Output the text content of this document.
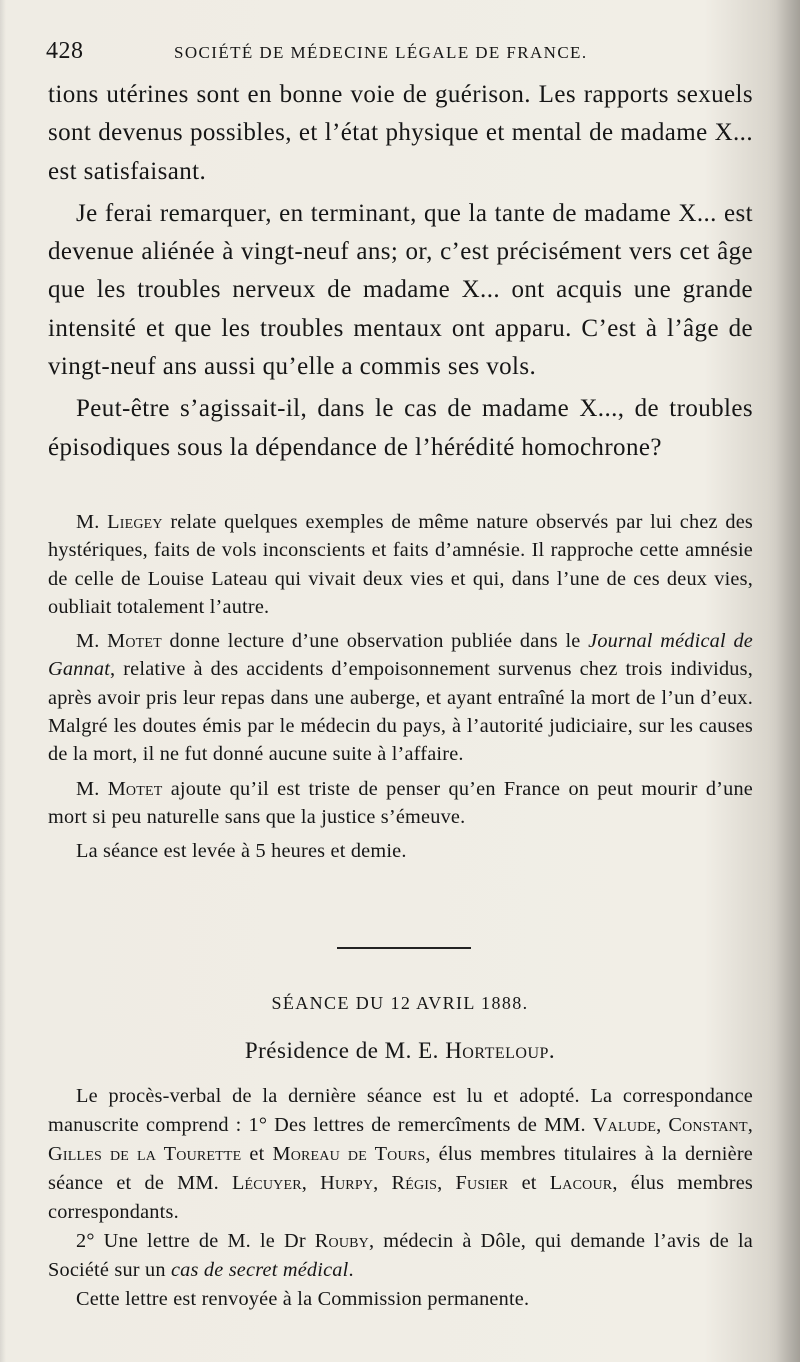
428	SOCIÉTÉ DE MÉDECINE LÉGALE DE FRANCE.

tions utérines sont en bonne voie de guérison. Les rapports sexuels sont devenus possibles, et l’état physique et mental de madame X... est satisfaisant.

Je ferai remarquer, en terminant, que la tante de madame X... est devenue aliénée à vingt-neuf ans; or, c’est précisément vers cet âge que les troubles nerveux de madame X... ont acquis une grande intensité et que les troubles mentaux ont apparu. C’est à l’âge de vingt-neuf ans aussi qu’elle a commis ses vols.

Peut-être s’agissait-il, dans le cas de madame X..., de troubles épisodiques sous la dépendance de l’hérédité homochrone?

M. Liegey relate quelques exemples de même nature observés par lui chez des hystériques, faits de vols inconscients et faits d’amnésie. Il rapproche cette amnésie de celle de Louise Lateau qui vivait deux vies et qui, dans l’une de ces deux vies, oubliait totalement l’autre.

M. Motet donne lecture d’une observation publiée dans le Journal médical de Gannat, relative à des accidents d’empoisonnement survenus chez trois individus, après avoir pris leur repas dans une auberge, et ayant entraîné la mort de l’un d’eux. Malgré les doutes émis par le médecin du pays, à l’autorité judiciaire, sur les causes de la mort, il ne fut donné aucune suite à l’affaire.

M. Motet ajoute qu’il est triste de penser qu’en France on peut mourir d’une mort si peu naturelle sans que la justice s’émeuve.

La séance est levée à 5 heures et demie.

SÉANCE DU 12 AVRIL 1888.
Présidence de M. E. Horteloup.

Le procès-verbal de la dernière séance est lu et adopté. La correspondance manuscrite comprend : 1° Des lettres de remercîments de MM. Valude, Constant, Gilles de la Tourette et Moreau de Tours, élus membres titulaires à la dernière séance et de MM. Lécuyer, Hurpy, Régis, Fusier et Lacour, élus membres correspondants.

2° Une lettre de M. le Dr Rouby, médecin à Dôle, qui demande l’avis de la Société sur un cas de secret médical.

Cette lettre est renvoyée à la Commission permanente.
